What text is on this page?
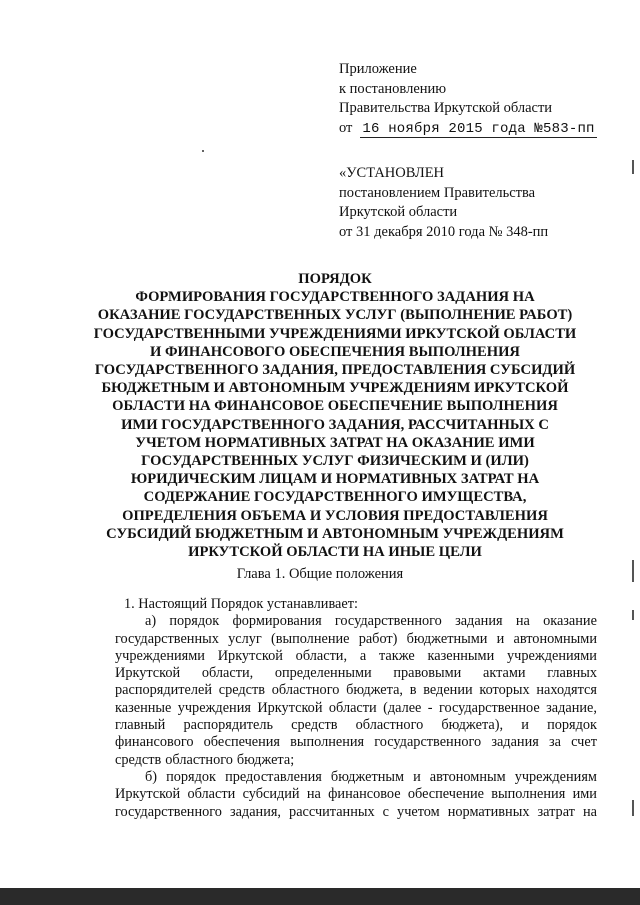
Приложение
к постановлению
Правительства Иркутской области
от 16 ноября 2015 года №583-пп
«УСТАНОВЛЕН
постановлением Правительства
Иркутской области
от 31 декабря 2010 года № 348-пп
ПОРЯДОК
ФОРМИРОВАНИЯ ГОСУДАРСТВЕННОГО ЗАДАНИЯ НА
ОКАЗАНИЕ ГОСУДАРСТВЕННЫХ УСЛУГ (ВЫПОЛНЕНИЕ РАБОТ)
ГОСУДАРСТВЕННЫМИ УЧРЕЖДЕНИЯМИ ИРКУТСКОЙ ОБЛАСТИ
И ФИНАНСОВОГО ОБЕСПЕЧЕНИЯ ВЫПОЛНЕНИЯ
ГОСУДАРСТВЕННОГО ЗАДАНИЯ, ПРЕДОСТАВЛЕНИЯ СУБСИДИЙ
БЮДЖЕТНЫМ И АВТОНОМНЫМ УЧРЕЖДЕНИЯМ ИРКУТСКОЙ
ОБЛАСТИ НА ФИНАНСОВОЕ ОБЕСПЕЧЕНИЕ ВЫПОЛНЕНИЯ
ИМИ ГОСУДАРСТВЕННОГО ЗАДАНИЯ, РАССЧИТАННЫХ С
УЧЕТОМ НОРМАТИВНЫХ ЗАТРАТ НА ОКАЗАНИЕ ИМИ
ГОСУДАРСТВЕННЫХ УСЛУГ ФИЗИЧЕСКИМ И (ИЛИ)
ЮРИДИЧЕСКИМ ЛИЦАМ И НОРМАТИВНЫХ ЗАТРАТ НА
СОДЕРЖАНИЕ ГОСУДАРСТВЕННОГО ИМУЩЕСТВА,
ОПРЕДЕЛЕНИЯ ОБЪЕМА И УСЛОВИЯ ПРЕДОСТАВЛЕНИЯ
СУБСИДИЙ БЮДЖЕТНЫМ И АВТОНОМНЫМ УЧРЕЖДЕНИЯМ
ИРКУТСКОЙ ОБЛАСТИ НА ИНЫЕ ЦЕЛИ
Глава 1. Общие положения
1. Настоящий Порядок устанавливает:
а) порядок формирования государственного задания на оказание
государственных услуг (выполнение работ) бюджетными и автономными
учреждениями Иркутской области, а также казенными учреждениями
Иркутской области, определенными правовыми актами главных
распорядителей средств областного бюджета, в ведении которых находятся
казенные учреждения Иркутской области (далее - государственное задание,
главный распорядитель средств областного бюджета), и порядок
финансового обеспечения выполнения государственного задания за счет
средств областного бюджета;
б) порядок предоставления бюджетным и автономным учреждениям
Иркутской области субсидий на финансовое обеспечение выполнения ими
государственного задания, рассчитанных с учетом нормативных затрат на
